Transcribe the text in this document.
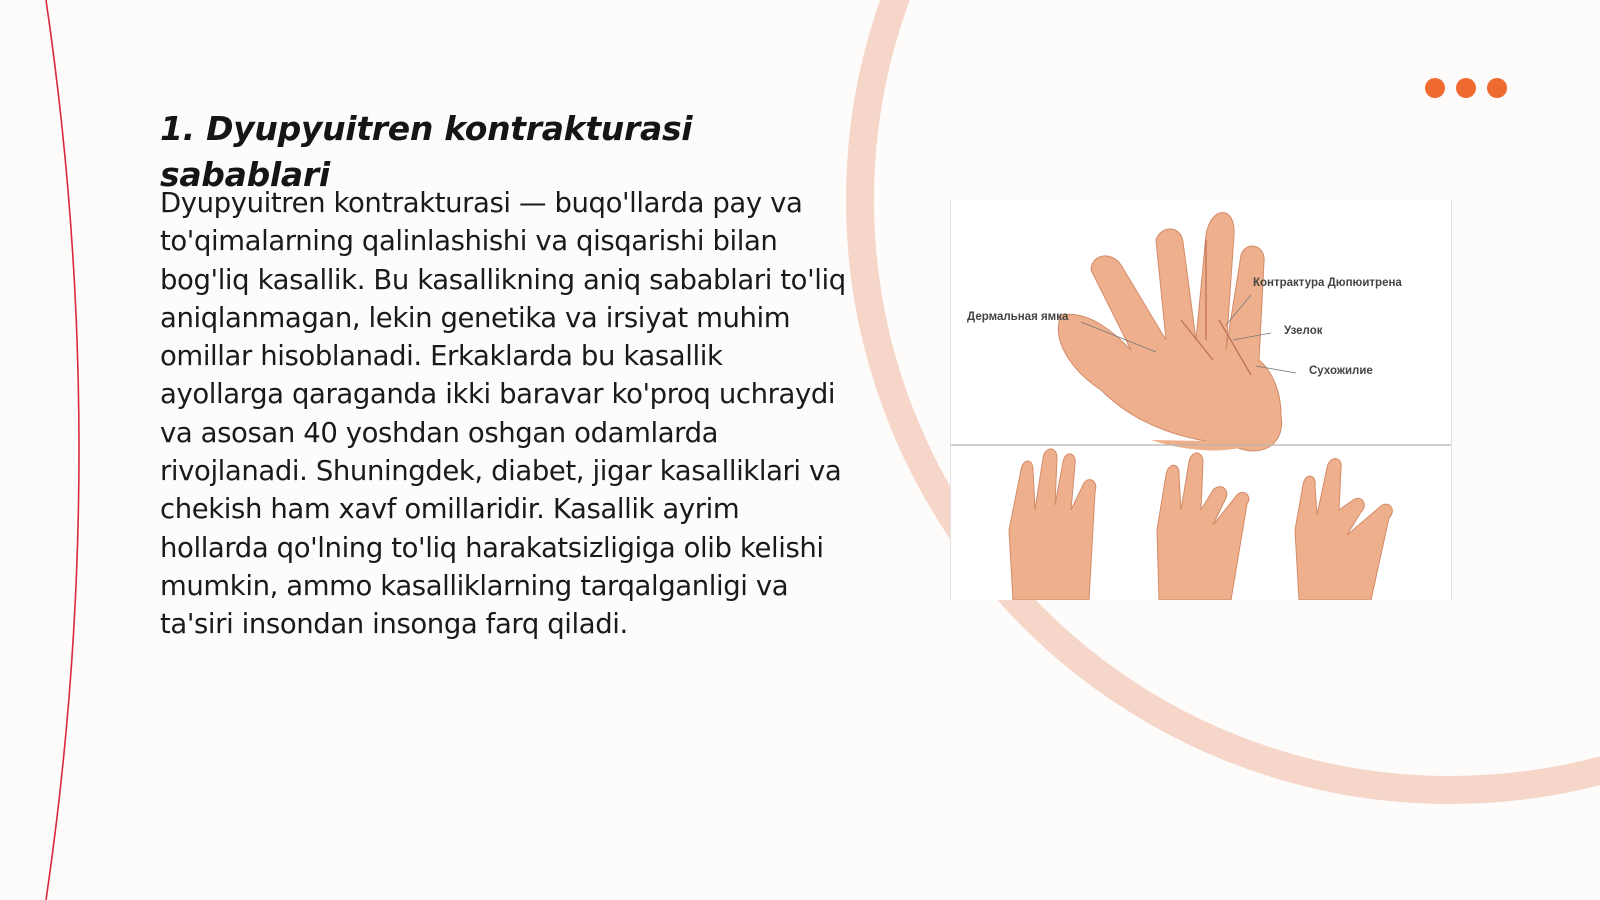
1. Dyupyuitren kontrakturasi sabablari

Dyupyuitren kontrakturasi — buqo'llarda pay va to'qimalarning qalinlashishi va qisqarishi bilan bog'liq kasallik. Bu kasallikning aniq sabablari to'liq aniqlanmagan, lekin genetika va irsiyat muhim omillar hisoblanadi. Erkaklarda bu kasallik ayollarga qaraganda ikki baravar ko'proq uchraydi va asosan 40 yoshdan oshgan odamlarda rivojlanadi. Shuningdek, diabet, jigar kasalliklari va chekish ham xavf omillaridir. Kasallik ayrim hollarda qo'lning to'liq harakatsizligiga olib kelishi mumkin, ammo kasalliklarning tarqalganligi va ta'siri insondan insonga farq qiladi.

Контрактура Дюпюитрена
Дермальная ямка
Узелок
Сухожилие
